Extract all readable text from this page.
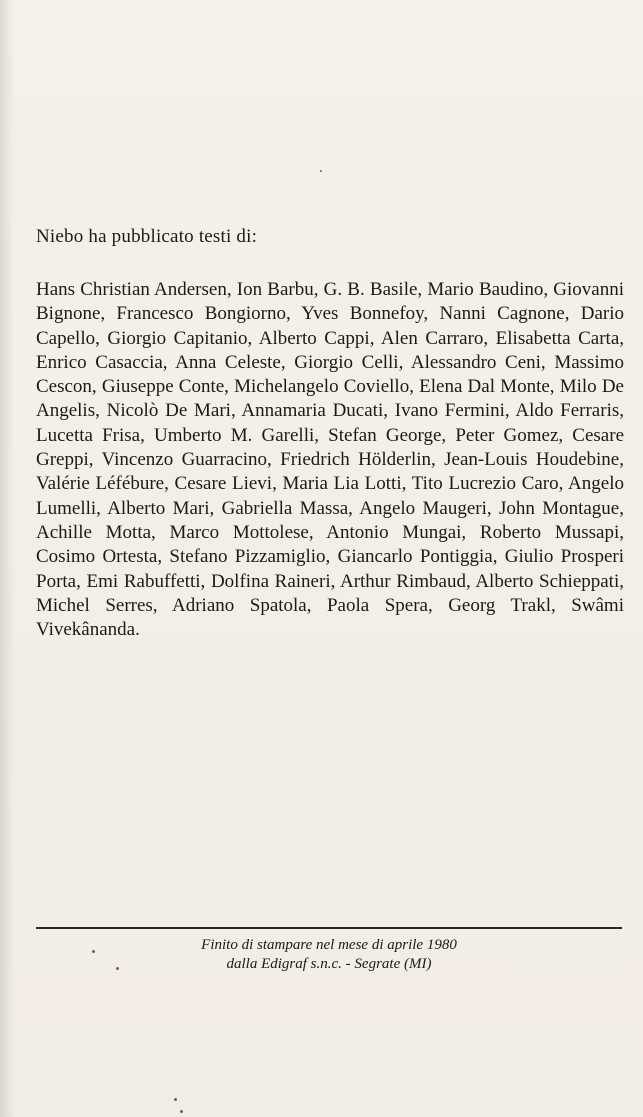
Niebo ha pubblicato testi di:

Hans Christian Andersen, Ion Barbu, G. B. Basile, Mario Baudino, Giovanni Bignone, Francesco Bongiorno, Yves Bonnefoy, Nanni Cagnone, Dario Capello, Giorgio Capitanio, Alberto Cappi, Alen Carraro, Elisabetta Carta, Enrico Casaccia, Anna Celeste, Giorgio Celli, Alessandro Ceni, Massimo Cescon, Giuseppe Conte, Michelangelo Coviello, Elena Dal Monte, Milo De Angelis, Nicolò De Mari, Annamaria Ducati, Ivano Fermini, Aldo Ferraris, Lucetta Frisa, Umberto M. Garelli, Stefan George, Peter Gomez, Cesare Greppi, Vincenzo Guarracino, Friedrich Hölderlin, Jean-Louis Houdebine, Valérie Léfébure, Cesare Lievi, Maria Lia Lotti, Tito Lucrezio Caro, Angelo Lumelli, Alberto Mari, Gabriella Massa, Angelo Maugeri, John Montague, Achille Motta, Marco Mottolese, Antonio Mungai, Roberto Mussapi, Cosimo Ortesta, Stefano Pizzamiglio, Giancarlo Pontiggia, Giulio Prosperi Porta, Emi Rabuffetti, Dolfina Raineri, Arthur Rimbaud, Alberto Schieppati, Michel Serres, Adriano Spatola, Paola Spera, Georg Trakl, Swâmi Vivekânanda.

Finito di stampare nel mese di aprile 1980
dalla Edigraf s.n.c. - Segrate (MI)
